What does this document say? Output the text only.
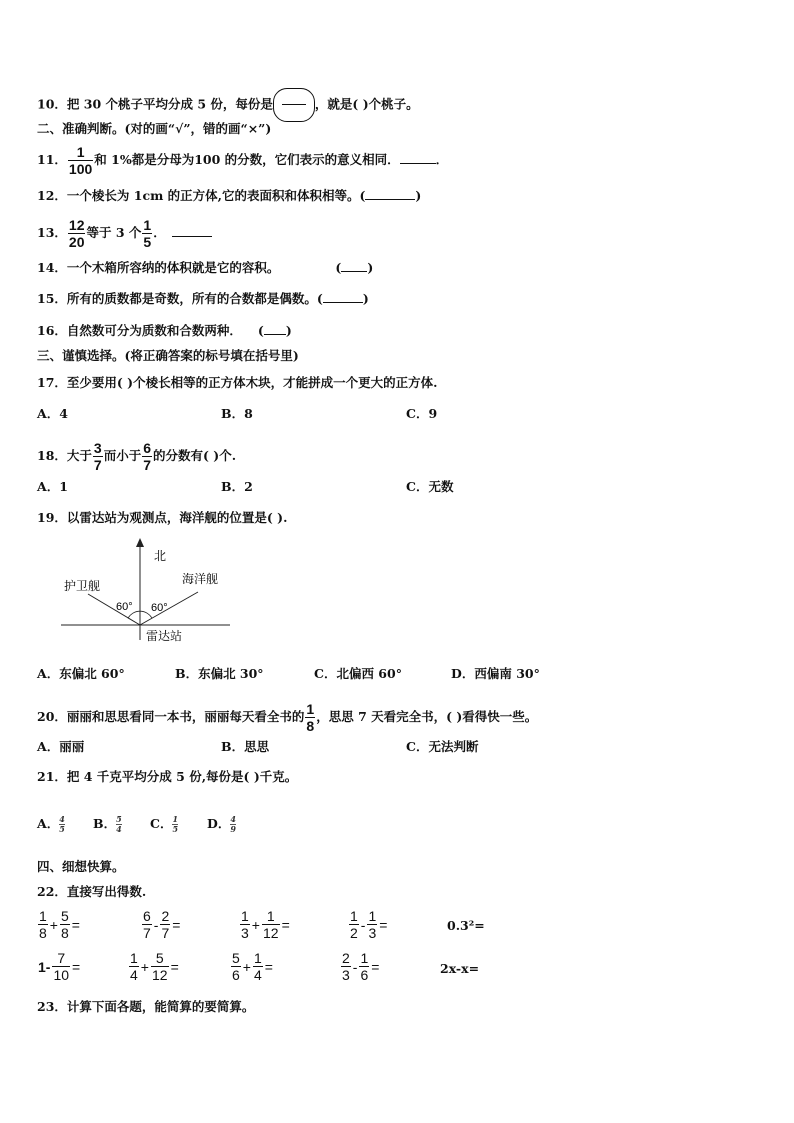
10．把 30 个桃子平均分成 5 份，每份是	，就是( )个桃子。
二、准确判断。(对的画“√”，错的画“×”)
11． $\frac{1}{100}$ 和 1%都是分母为100 的分数，它们表示的意义相同．	．
12．一个棱长为 1cm 的正方体,它的表面积和体积相等。(	)
13． $\frac{12}{20}$ 等于 3 个 $\frac{1}{5}$ ．
14．一个木箱所容纳的体积就是它的容积。	( )
15．所有的质数都是奇数，所有的合数都是偶数。(	)
16．自然数可分为质数和合数两种． ( )
三、谨慎选择。(将正确答案的标号填在括号里)
17．至少要用( )个棱长相等的正方体木块，才能拼成一个更大的正方体.
A．4	B．8	C．9
18．大于 $\frac{3}{7}$ 而小于 $\frac{6}{7}$ 的分数有( )个.
A．1	B．2	C．无数
19．以雷达站为观测点，海洋舰的位置是( ).
北
护卫舰	海洋舰
60° 60°
雷达站
A．东偏北 60°	B．东偏北 30°	C．北偏西 60°	D．西偏南 30°
20．丽丽和思思看同一本书，丽丽每天看全书的 $\frac{1}{8}$ ，思思 7 天看完全书，( )看得快一些。
A．丽丽	B．思思	C．无法判断
21．把 4 千克平均分成 5 份,每份是( )千克。
A． $\frac{4}{5}$ B． $\frac{5}{4}$ C． $\frac{1}{5}$ D． $\frac{4}{9}$
四、细想快算。
22．直接写出得数.
$\frac{1}{8} + \frac{5}{8}$ =	$\frac{6}{7} - \frac{2}{7}$ =	$\frac{1}{3} + \frac{1}{12}$ =	$\frac{1}{2} - \frac{1}{3}$ =	0.3²=
$1- \frac{7}{10}$ =	$\frac{1}{4} + \frac{5}{12}$ =	$\frac{5}{6} + \frac{1}{4}$ =	$\frac{2}{3} - \frac{1}{6}$ =	2x-x=
23．计算下面各题，能简算的要简算。
